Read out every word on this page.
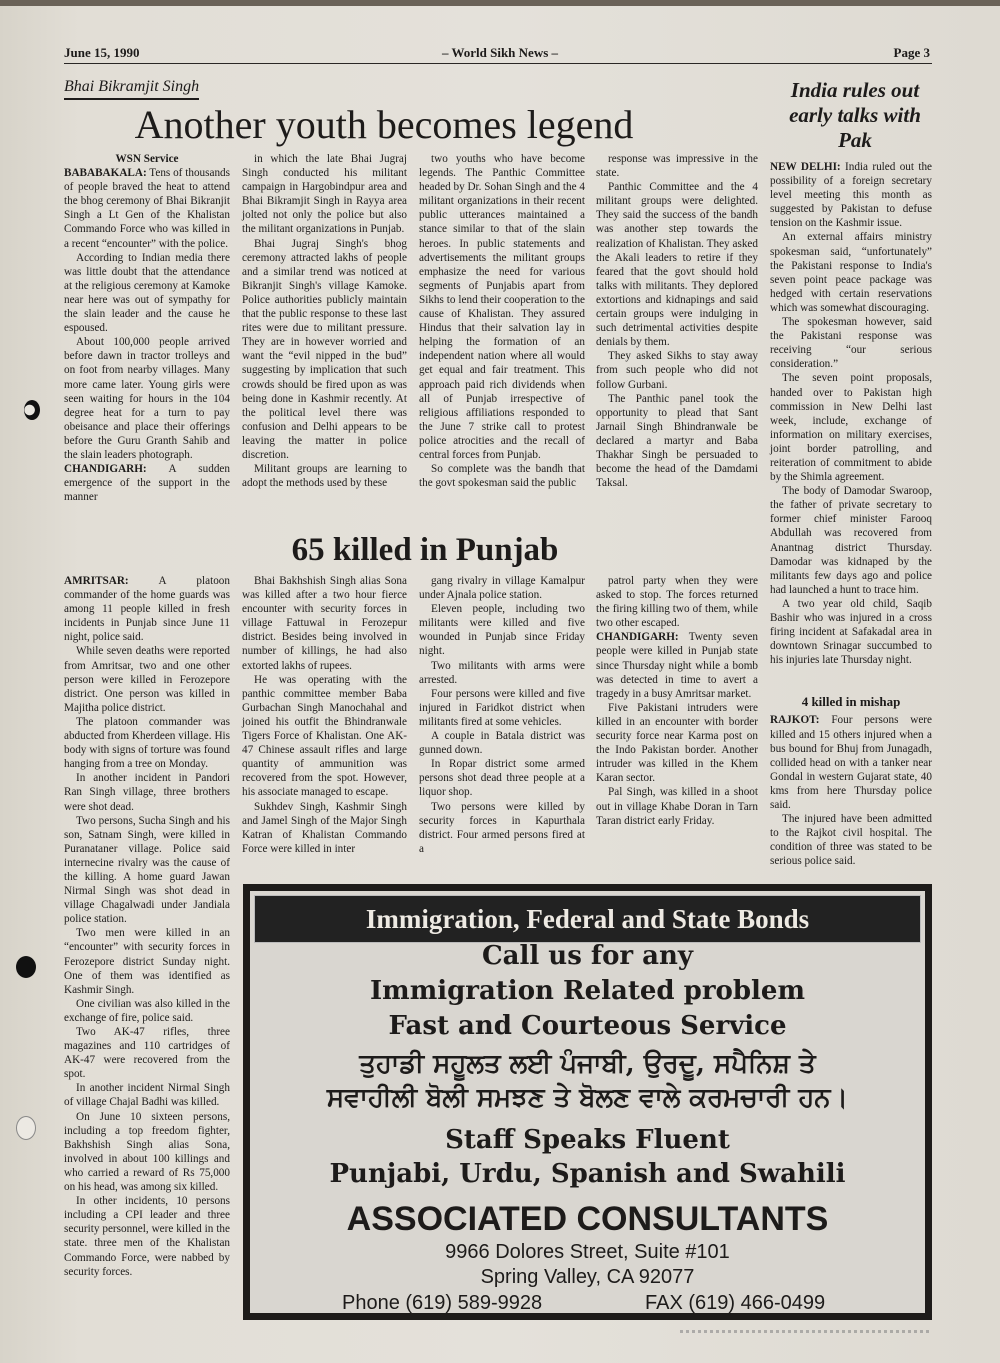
June 15, 1990	– World Sikh News –	Page 3
Bhai Bikramjit Singh
Another youth becomes legend
India rules out early talks with Pak

WSN Service

BABABAKALA: Tens of thousands of people braved the heat to attend the bhog ceremony of Bhai Bikranjit Singh a Lt Gen of the Khalistan Commando Force who was killed in a recent “encounter” with the police.

According to Indian media there was little doubt that the attendance at the religious ceremony at Kamoke near here was out of sympathy for the slain leader and the cause he espoused.

About 100,000 people arrived before dawn in tractor trolleys and on foot from nearby villages. Many more came later. Young girls were seen waiting for hours in the 104 degree heat for a turn to pay obeisance and place their offerings before the Guru Granth Sahib and the slain leaders photograph.

CHANDIGARH: A sudden emergence of the support in the manner

in which the late Bhai Jugraj Singh conducted his militant campaign in Hargobindpur area and Bhai Bikramjit Singh in Rayya area jolted not only the police but also the militant organizations in Punjab.

Bhai Jugraj Singh's bhog ceremony attracted lakhs of people and a similar trend was noticed at Bikranjit Singh's village Kamoke. Police authorities publicly maintain that the public response to these last rites were due to militant pressure. They are in however worried and want the “evil nipped in the bud” suggesting by implication that such crowds should be fired upon as was being done in Kashmir recently. At the political level there was confusion and Delhi appears to be leaving the matter in police discretion.

Militant groups are learning to adopt the methods used by these

two youths who have become legends. The Panthic Committee headed by Dr. Sohan Singh and the 4 militant organizations in their recent public utterances maintained a stance similar to that of the slain heroes. In public statements and advertisements the militant groups emphasize the need for various segments of Punjabis apart from Sikhs to lend their cooperation to the cause of Khalistan. They assured Hindus that their salvation lay in helping the formation of an independent nation where all would get equal and fair treatment. This approach paid rich dividends when all of Punjab irrespective of religious affiliations responded to the June 7 strike call to protest police atrocities and the recall of central forces from Punjab.

So complete was the bandh that the govt spokesman said the public

response was impressive in the state.

Panthic Committee and the 4 militant groups were delighted. They said the success of the bandh was another step towards the realization of Khalistan. They asked the Akali leaders to retire if they feared that the govt should hold talks with militants. They deplored extortions and kidnapings and said certain groups were indulging in such detrimental activities despite denials by them.

They asked Sikhs to stay away from such people who did not follow Gurbani.

The Panthic panel took the opportunity to plead that Sant Jarnail Singh Bhindranwale be declared a martyr and Baba Thakhar Singh be persuaded to become the head of the Damdami Taksal.

NEW DELHI: India ruled out the possibility of a foreign secretary level meeting this month as suggested by Pakistan to defuse tension on the Kashmir issue.

An external affairs ministry spokesman said, “unfortunately” the Pakistani response to India's seven point peace package was hedged with certain reservations which was somewhat discouraging.

The spokesman however, said the Pakistani response was receiving “our serious consideration.”

The seven point proposals, handed over to Pakistan high commission in New Delhi last week, include, exchange of information on military exercises, joint border patrolling, and reiteration of commitment to abide by the Shimla agreement.

The body of Damodar Swaroop, the father of private secretary to former chief minister Farooq Abdullah was recovered from Anantnag district Thursday. Damodar was kidnaped by the militants few days ago and police had launched a hunt to trace him.

A two year old child, Saqib Bashir who was injured in a cross firing incident at Safakadal area in downtown Srinagar succumbed to his injuries late Thursday night.

4 killed in mishap

RAJKOT: Four persons were killed and 15 others injured when a bus bound for Bhuj from Junagadh, collided head on with a tanker near Gondal in western Gujarat state, 40 kms from here Thursday police said.

The injured have been admitted to the Rajkot civil hospital. The condition of three was stated to be serious police said.

65 killed in Punjab

AMRITSAR: A platoon commander of the home guards was among 11 people killed in fresh incidents in Punjab since June 11 night, police said.

While seven deaths were reported from Amritsar, two and one other person were killed in Ferozepore district. One person was killed in Majitha police district.

The platoon commander was abducted from Kherdeen village. His body with signs of torture was found hanging from a tree on Monday.

In another incident in Pandori Ran Singh village, three brothers were shot dead.

Two persons, Sucha Singh and his son, Satnam Singh, were killed in Puranataner village. Police said internecine rivalry was the cause of the killing. A home guard Jawan Nirmal Singh was shot dead in village Chagalwadi under Jandiala police station.

Two men were killed in an “encounter” with security forces in Ferozepore district Sunday night. One of them was identified as Kashmir Singh.

One civilian was also killed in the exchange of fire, police said.

Two AK-47 rifles, three magazines and 110 cartridges of AK-47 were recovered from the spot.

In another incident Nirmal Singh of village Chajal Badhi was killed.

On June 10 sixteen persons, including a top freedom fighter, Bakhshish Singh alias Sona, involved in about 100 killings and who carried a reward of Rs 75,000 on his head, was among six killed.

In other incidents, 10 persons including a CPI leader and three security personnel, were killed in the state. three men of the Khalistan Commando Force, were nabbed by security forces.

Bhai Bakhshish Singh alias Sona was killed after a two hour fierce encounter with security forces in village Fattuwal in Ferozepur district. Besides being involved in number of killings, he had also extorted lakhs of rupees.

He was operating with the panthic committee member Baba Gurbachan Singh Manochahal and joined his outfit the Bhindranwale Tigers Force of Khalistan. One AK-47 Chinese assault rifles and large quantity of ammunition was recovered from the spot. However, his associate managed to escape.

Sukhdev Singh, Kashmir Singh and Jamel Singh of the Major Singh Katran of Khalistan Commando Force were killed in inter

gang rivalry in village Kamalpur under Ajnala police station.

Eleven people, including two militants were killed and five wounded in Punjab since Friday night.

Two militants with arms were arrested.

Four persons were killed and five injured in Faridkot district when militants fired at some vehicles.

A couple in Batala district was gunned down.

In Ropar district some armed persons shot dead three people at a liquor shop.

Two persons were killed by security forces in Kapurthala district. Four armed persons fired at a

patrol party when they were asked to stop. The forces returned the firing killing two of them, while two other escaped.

CHANDIGARH: Twenty seven people were killed in Punjab state since Thursday night while a bomb was detected in time to avert a tragedy in a busy Amritsar market.

Five Pakistani intruders were killed in an encounter with border security force near Karma post on the Indo Pakistan border. Another intruder was killed in the Khem Karan sector.

Pal Singh, was killed in a shoot out in village Khabe Doran in Tarn Taran district early Friday.

Immigration, Federal and State Bonds
Call us for any
Immigration Related problem
Fast and Courteous Service
ਤੁਹਾਡੀ ਸਹੂਲਤ ਲਈ ਪੰਜਾਬੀ, ਉਰਦੂ, ਸਪੈਨਿਸ਼ ਤੇ
ਸਵਾਹੀਲੀ ਬੋਲੀ ਸਮਝਣ ਤੇ ਬੋਲਣ ਵਾਲੇ ਕਰਮਚਾਰੀ ਹਨ।
Staff Speaks Fluent
Punjabi, Urdu, Spanish and Swahili
ASSOCIATED CONSULTANTS
9966 Dolores Street, Suite #101
Spring Valley, CA 92077
Phone (619) 589-9928	FAX (619) 466-0499
